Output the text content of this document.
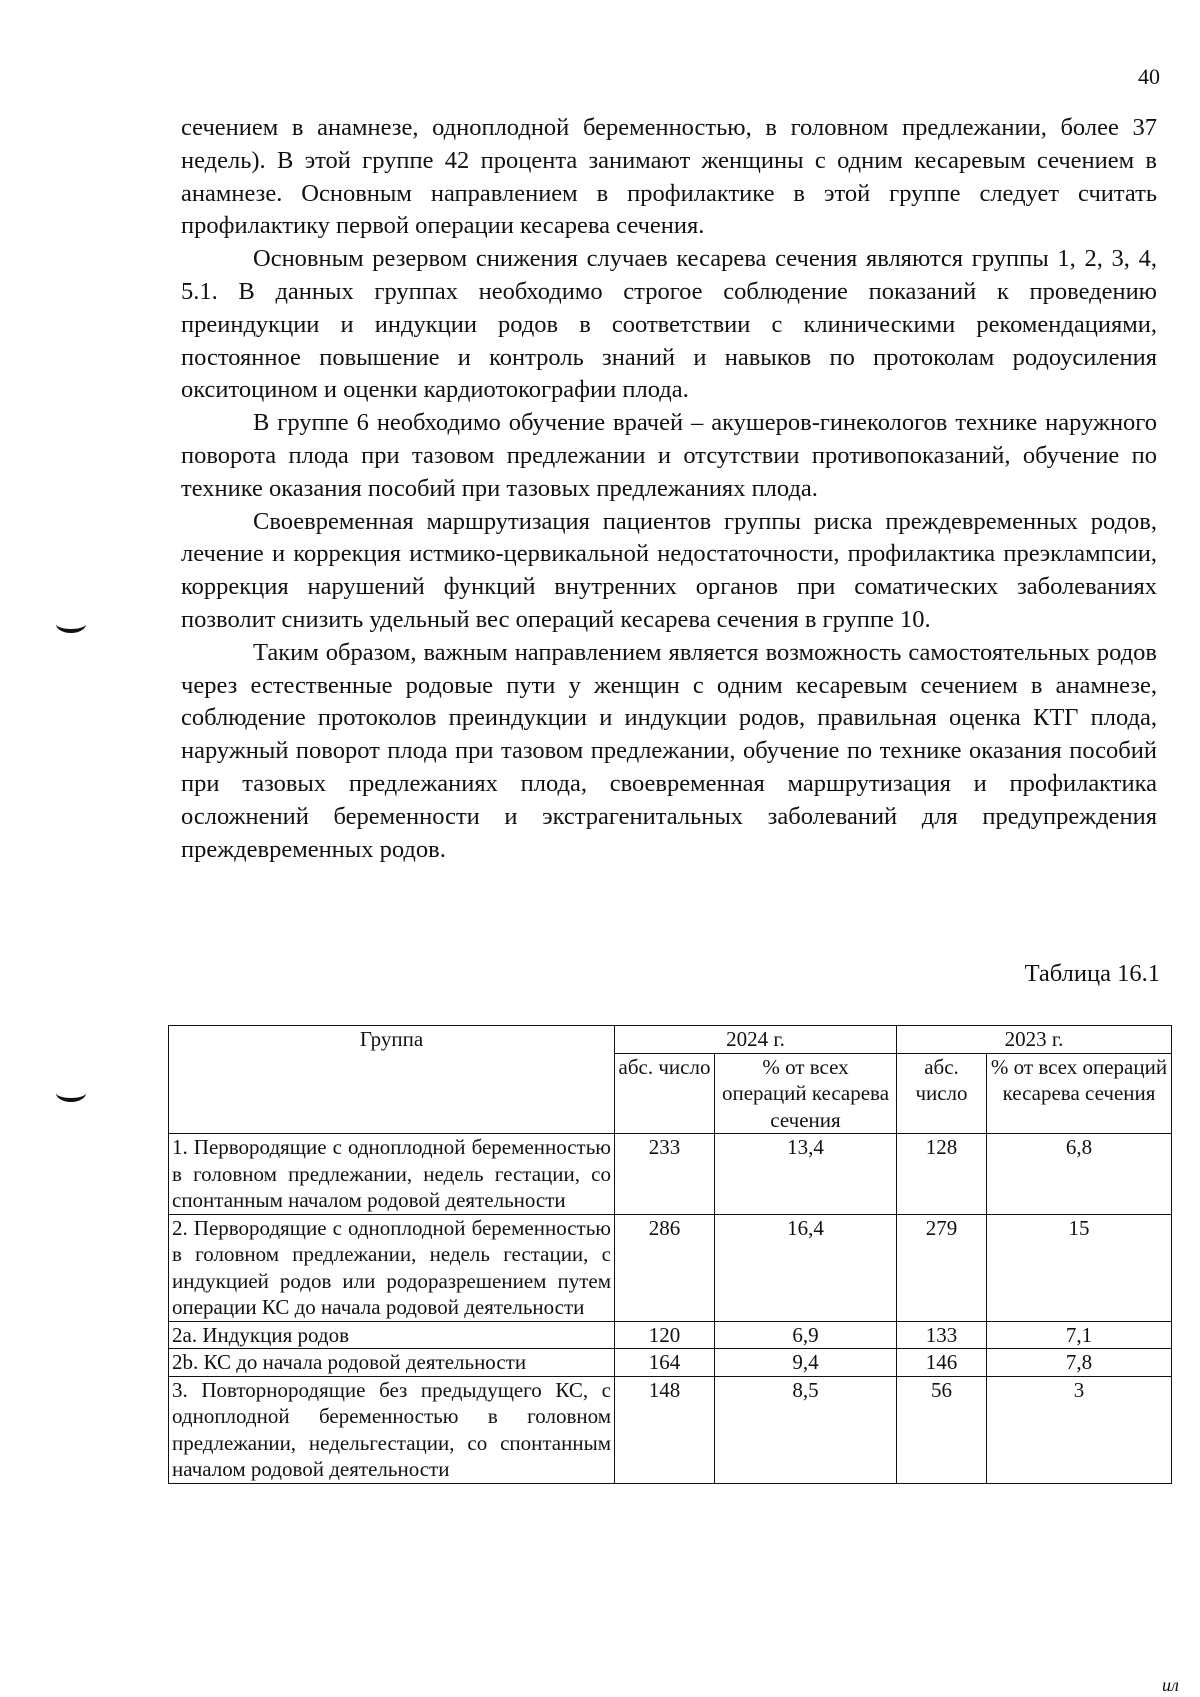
40

сечением в анамнезе, одноплодной беременностью, в головном предлежании, более 37 недель). В этой группе 42 процента занимают женщины с одним кесаревым сечением в анамнезе. Основным направлением в профилактике в этой группе следует считать профилактику первой операции кесарева сечения.

Основным резервом снижения случаев кесарева сечения являются группы 1, 2, 3, 4, 5.1. В данных группах необходимо строгое соблюдение показаний к проведению преиндукции и индукции родов в соответствии с клиническими рекомендациями, постоянное повышение и контроль знаний и навыков по протоколам родоусиления окситоцином и оценки кардиотокографии плода.

В группе 6 необходимо обучение врачей – акушеров-гинекологов технике наружного поворота плода при тазовом предлежании и отсутствии противопоказаний, обучение по технике оказания пособий при тазовых предлежаниях плода.

Своевременная маршрутизация пациентов группы риска преждевременных родов, лечение и коррекция истмико-цервикальной недостаточности, профилактика преэклампсии, коррекция нарушений функций внутренних органов при соматических заболеваниях позволит снизить удельный вес операций кесарева сечения в группе 10.

Таким образом, важным направлением является возможность самостоятельных родов через естественные родовые пути у женщин с одним кесаревым сечением в анамнезе, соблюдение протоколов преиндукции и индукции родов, правильная оценка КТГ плода, наружный поворот плода при тазовом предлежании, обучение по технике оказания пособий при тазовых предлежаниях плода, своевременная маршрутизация и профилактика осложнений беременности и экстрагенитальных заболеваний для предупреждения преждевременных родов.

Таблица 16.1
Группа	2024 г.		2023 г.	
	абс. число	% от всех операций кесарева сечения	абс. число	% от всех операций кесарева сечения
1. Первородящие с одноплодной беременностью в головном предлежании, недель гестации, со спонтанным началом родовой деятельности	233	13,4	128	6,8
2. Первородящие с одноплодной беременностью в головном предлежании, недель гестации, с индукцией родов или родоразрешением путем операции КС до начала родовой деятельности	286	16,4	279	15
2a. Индукция родов	120	6,9	133	7,1
2b. КС до начала родовой деятельности	164	9,4	146	7,8
3. Повторнородящие без предыдущего КС, с одноплодной беременностью в головном предлежании, недельгестации, со спонтанным началом родовой деятельности	148	8,5	56	3
ил
